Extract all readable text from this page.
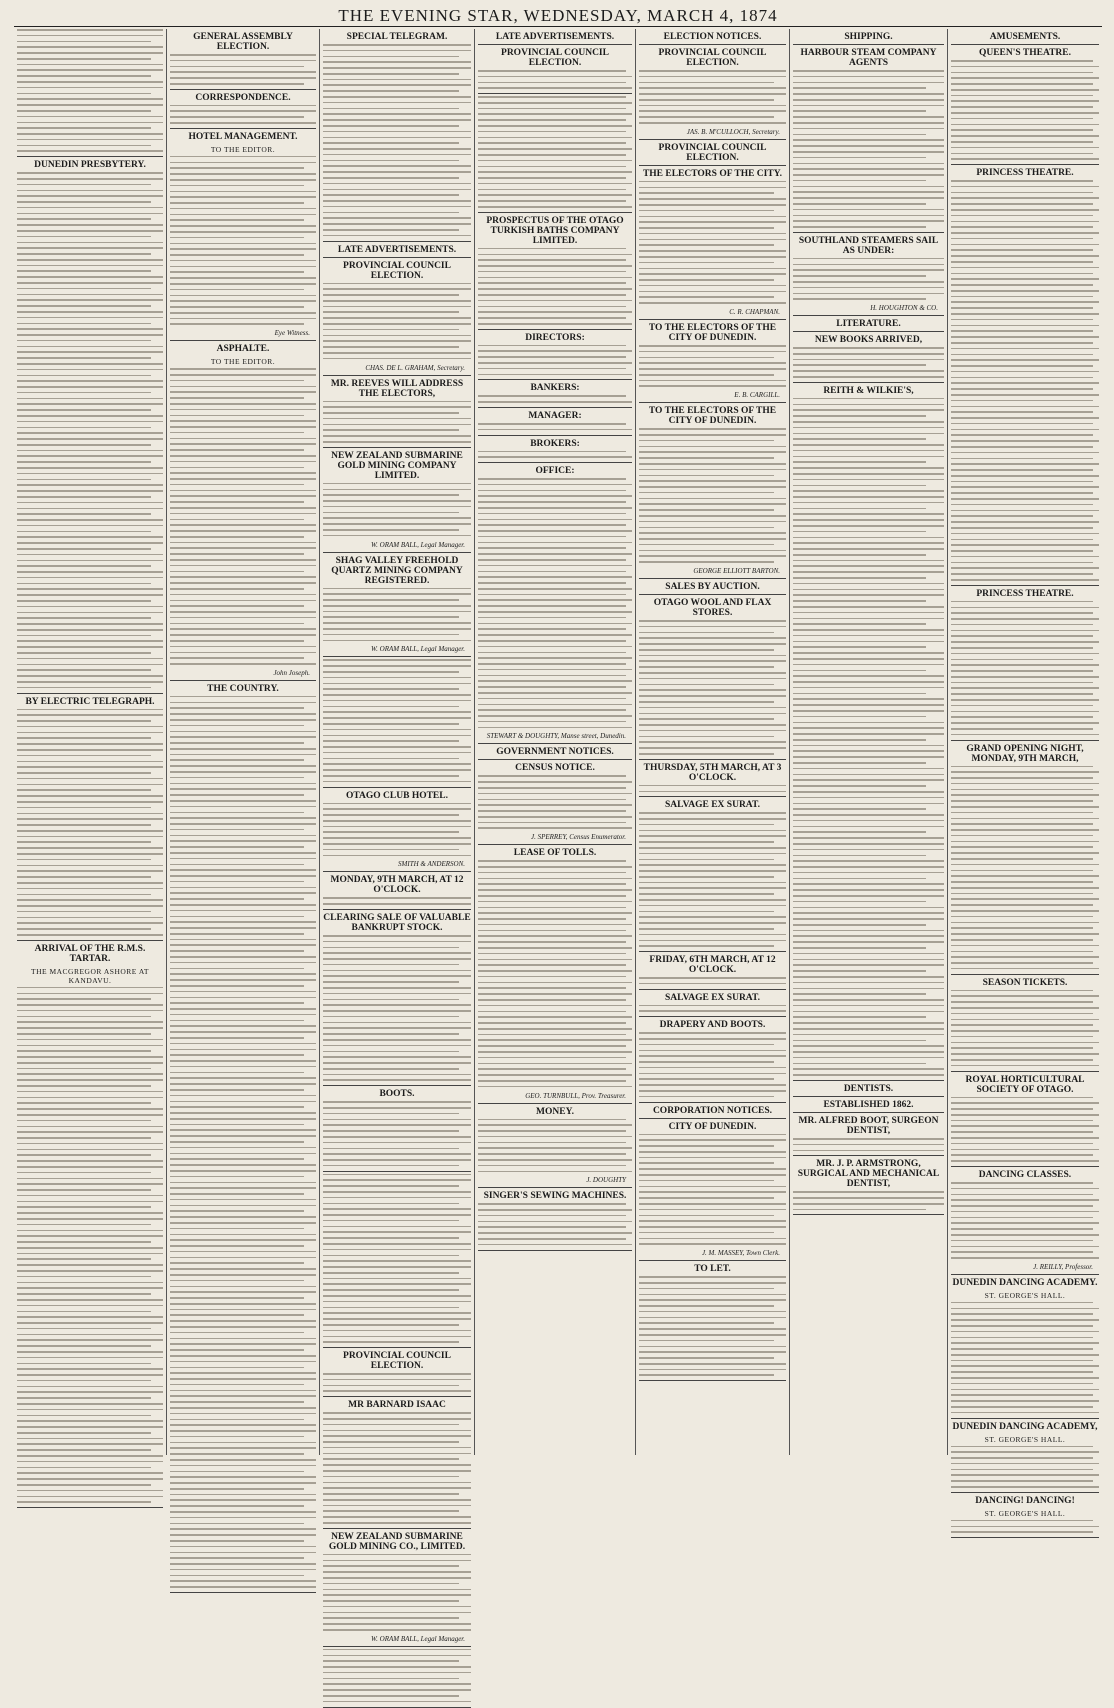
THE EVENING STAR, WEDNESDAY, MARCH 4, 1874
DUNEDIN PRESBYTERY.
BY ELECTRIC TELEGRAPH.
ARRIVAL OF THE R.M.S. TARTAR.
THE MACGREGOR ASHORE AT KANDAVU.
GENERAL ASSEMBLY ELECTION.
CORRESPONDENCE.
HOTEL MANAGEMENT.
TO THE EDITOR.
Eye Witness.
ASPHALTE.
TO THE EDITOR.
John Joseph.
THE COUNTRY.
SPECIAL TELEGRAM.
LATE ADVERTISEMENTS.
PROVINCIAL COUNCIL ELECTION.
CHAS. DE L. GRAHAM, Secretary.
MR. REEVES WILL ADDRESS THE ELECTORS,
NEW ZEALAND SUBMARINE GOLD MINING COMPANY LIMITED.
W. ORAM BALL, Legal Manager.
SHAG VALLEY FREEHOLD QUARTZ MINING COMPANY REGISTERED.
W. ORAM BALL, Legal Manager.
OTAGO CLUB HOTEL.
SMITH & ANDERSON.
MONDAY, 9TH MARCH, AT 12 O'CLOCK.
CLEARING SALE OF VALUABLE BANKRUPT STOCK.
BOOTS.
PROVINCIAL COUNCIL ELECTION.
MR BARNARD ISAAC
NEW ZEALAND SUBMARINE GOLD MINING CO., LIMITED.
W. ORAM BALL, Legal Manager.
LATE ADVERTISEMENTS.
PROVINCIAL COUNCIL ELECTION.
PROSPECTUS OF THE OTAGO TURKISH BATHS COMPANY LIMITED.
DIRECTORS:
BANKERS:
MANAGER:
BROKERS:
OFFICE:
STEWART & DOUGHTY, Manse street, Dunedin.
GOVERNMENT NOTICES.
CENSUS NOTICE.
J. SPERREY, Census Enumerator.
LEASE OF TOLLS.
GEO. TURNBULL, Prov. Treasurer.
MONEY.
J. DOUGHTY
SINGER'S SEWING MACHINES.
ELECTION NOTICES.
PROVINCIAL COUNCIL ELECTION.
JAS. B. M'CULLOCH, Secretary.
PROVINCIAL COUNCIL ELECTION.
THE ELECTORS OF THE CITY.
C. R. CHAPMAN.
TO THE ELECTORS OF THE CITY OF DUNEDIN.
E. B. CARGILL.
TO THE ELECTORS OF THE CITY OF DUNEDIN.
GEORGE ELLIOTT BARTON.
SALES BY AUCTION.
OTAGO WOOL AND FLAX STORES.
THURSDAY, 5TH MARCH, AT 3 O'CLOCK.
SALVAGE EX SURAT.
FRIDAY, 6TH MARCH, AT 12 O'CLOCK.
SALVAGE EX SURAT.
DRAPERY AND BOOTS.
CORPORATION NOTICES.
CITY OF DUNEDIN.
J. M. MASSEY, Town Clerk.
TO LET.
SHIPPING.
HARBOUR STEAM COMPANY AGENTS
SOUTHLAND STEAMERS SAIL AS UNDER:
H. HOUGHTON & CO.
LITERATURE.
NEW BOOKS ARRIVED,
REITH & WILKIE'S,
DENTISTS.
ESTABLISHED 1862.
MR. ALFRED BOOT, SURGEON DENTIST,
MR. J. P. ARMSTRONG, SURGICAL AND MECHANICAL DENTIST,
AMUSEMENTS.
QUEEN'S THEATRE.
PRINCESS THEATRE.
PRINCESS THEATRE.
GRAND OPENING NIGHT, MONDAY, 9TH MARCH,
SEASON TICKETS.
ROYAL HORTICULTURAL SOCIETY OF OTAGO.
DANCING CLASSES.
J. REILLY, Professor.
DUNEDIN DANCING ACADEMY.
ST. GEORGE'S HALL.
DUNEDIN DANCING ACADEMY,
ST. GEORGE'S HALL.
DANCING! DANCING!
ST. GEORGE'S HALL.
